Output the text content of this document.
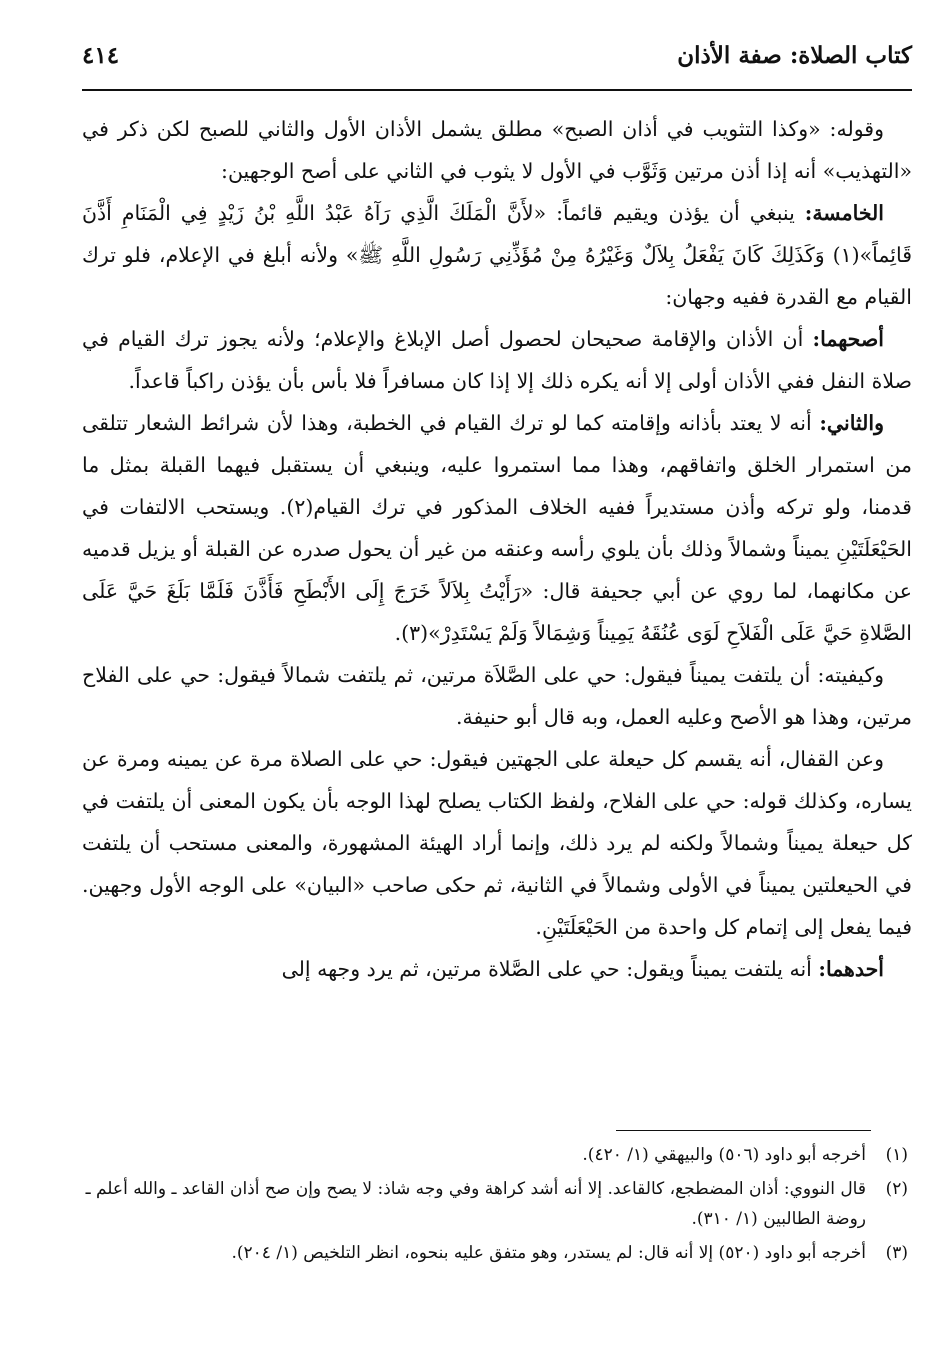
كتاب الصلاة: صفة الأذان
٤١٤

وقوله: «وكذا التثويب في أذان الصبح» مطلق يشمل الأذان الأول والثاني للصبح لكن ذكر في «التهذيب» أنه إذا أذن مرتين وَثَوَّب في الأول لا يثوب في الثاني على أصح الوجهين:

الخامسة: ينبغي أن يؤذن ويقيم قائماً: «لأَنَّ الْمَلَكَ الَّذِي رَآهُ عَبْدُ اللَّهِ بْنُ زَيْدٍ فِي الْمَنَامِ أَذَّنَ قَائِماً»(١) وَكَذَلِكَ كَانَ يَفْعَلُ بِلاَلٌ وَغَيْرُهُ مِنْ مُؤَذِّنِي رَسُولِ اللَّهِ ﷺ» ولأنه أبلغ في الإعلام، فلو ترك القيام مع القدرة ففيه وجهان:

أصحهما: أن الأذان والإقامة صحيحان لحصول أصل الإبلاغ والإعلام؛ ولأنه يجوز ترك القيام في صلاة النفل ففي الأذان أولى إلا أنه يكره ذلك إلا إذا كان مسافراً فلا بأس بأن يؤذن راكباً قاعداً.

والثاني: أنه لا يعتد بأذانه وإقامته كما لو ترك القيام في الخطبة، وهذا لأن شرائط الشعار تتلقى من استمرار الخلق واتفاقهم، وهذا مما استمروا عليه، وينبغي أن يستقبل فيهما القبلة بمثل ما قدمنا، ولو تركه وأذن مستديراً ففيه الخلاف المذكور في ترك القيام(٢). ويستحب الالتفات في الحَيْعَلَتَيْنِ يميناً وشمالاً وذلك بأن يلوي رأسه وعنقه من غير أن يحول صدره عن القبلة أو يزيل قدميه عن مكانهما، لما روي عن أبي جحيفة قال: «رَأَيْتُ بِلاَلاً خَرَجَ إِلَى الأَبْطَحِ فَأَذَّنَ فَلَمَّا بَلَغَ حَيَّ عَلَى الصَّلاةِ حَيَّ عَلَى الْفَلاَحِ لَوَى عُنُقَهُ يَمِيناً وَشِمَالاً وَلَمْ يَسْتَدِرْ»(٣).

وكيفيته: أن يلتفت يميناً فيقول: حي على الصَّلاَة مرتين، ثم يلتفت شمالاً فيقول: حي على الفلاح مرتين، وهذا هو الأصح وعليه العمل، وبه قال أبو حنيفة.

وعن القفال، أنه يقسم كل حيعلة على الجهتين فيقول: حي على الصلاة مرة عن يمينه ومرة عن يساره، وكذلك قوله: حي على الفلاح، ولفظ الكتاب يصلح لهذا الوجه بأن يكون المعنى أن يلتفت في كل حيعلة يميناً وشمالاً ولكنه لم يرد ذلك، وإنما أراد الهيئة المشهورة، والمعنى مستحب أن يلتفت في الحيعلتين يميناً في الأولى وشمالاً في الثانية، ثم حكى صاحب «البيان» على الوجه الأول وجهين. فيما يفعل إلى إتمام كل واحدة من الحَيْعَلَتَيْنِ.

أحدهما: أنه يلتفت يميناً ويقول: حي على الصَّلاة مرتين، ثم يرد وجهه إلى

(١)
أخرجه أبو داود (٥٠٦) والبيهقي (١/ ٤٢٠).
(٢)
قال النووي: أذان المضطجع، كالقاعد. إلا أنه أشد كراهة وفي وجه شاذ: لا يصح وإن صح أذان القاعد ـ والله أعلم ـ روضة الطالبين (١/ ٣١٠).
(٣)
أخرجه أبو داود (٥٢٠) إلا أنه قال: لم يستدر، وهو متفق عليه بنحوه، انظر التلخيص (١/ ٢٠٤).
